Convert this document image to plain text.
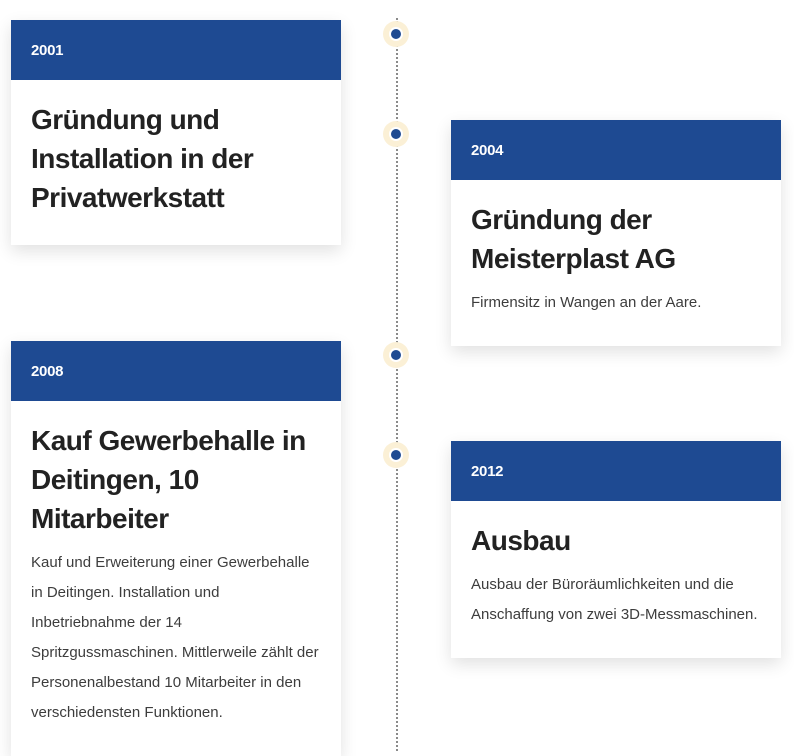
2001
Gründung und Installation in der Privatwerkstatt
2004
Gründung der Meisterplast AG

Firmensitz in Wangen an der Aare.

2008
Kauf Gewerbehalle in Deitingen, 10 Mitarbeiter

Kauf und Erweiterung einer Gewerbehalle in Deitingen. Installation und Inbetriebnahme der 14 Spritzgussmaschinen. Mittlerweile zählt der Personenalbestand 10 Mitarbeiter in den verschiedensten Funktionen.

2012
Ausbau

Ausbau der Büroräumlichkeiten und die Anschaffung von zwei 3D-Messmaschinen.
